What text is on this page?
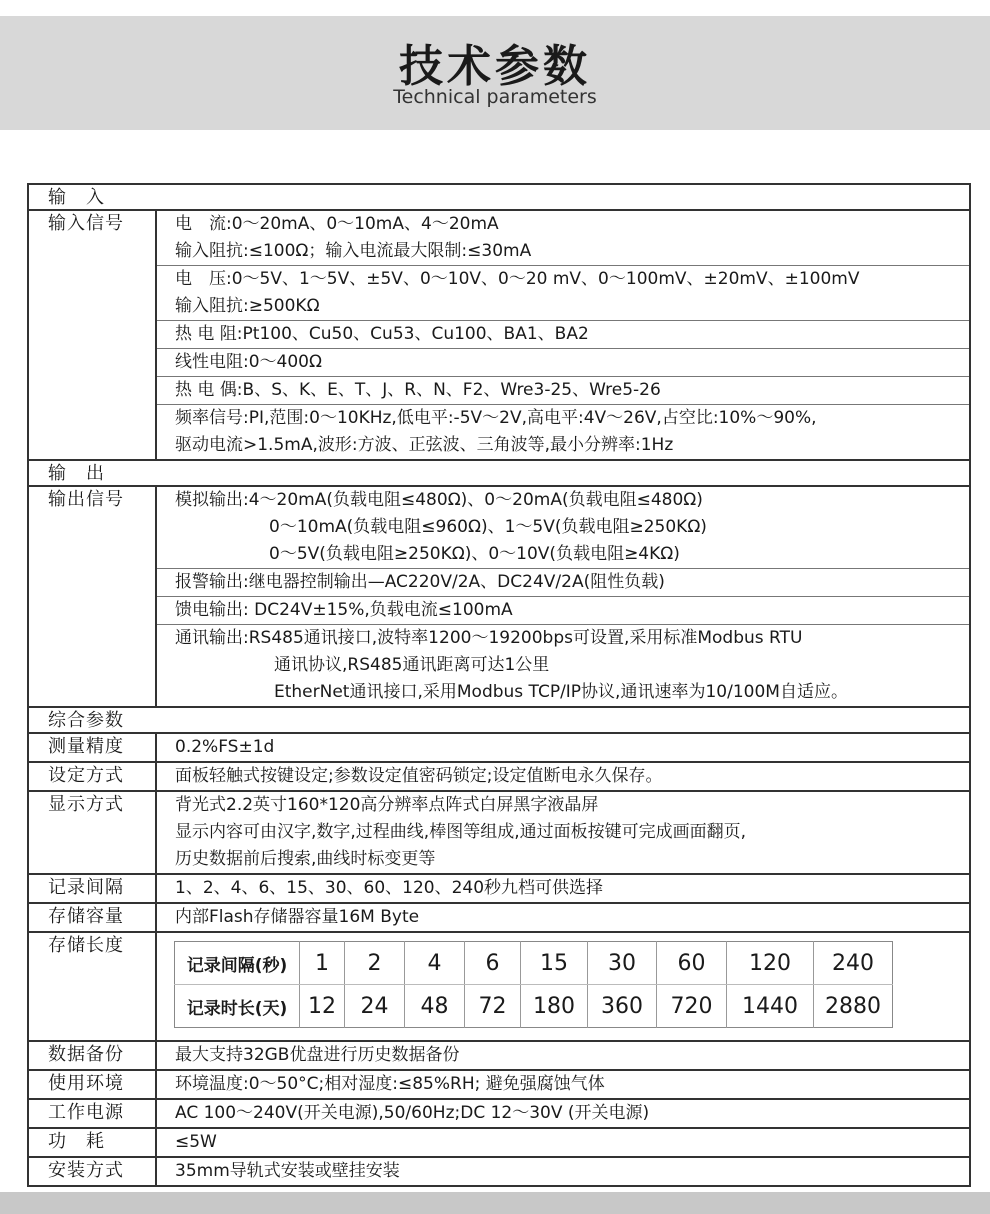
技术参数
Technical parameters
输　入
输入信号	电　流:0～20mA、0～10mA、4～20mA
输入阻抗:≤100Ω；输入电流最大限制:≤30mA
电　压:0～5V、1～5V、±5V、0～10V、0～20 mV、0～100mV、±20mV、±100mV
输入阻抗:≥500KΩ
热 电 阻:Pt100、Cu50、Cu53、Cu100、BA1、BA2
线性电阻:0～400Ω
热 电 偶:B、S、K、E、T、J、R、N、F2、Wre3-25、Wre5-26
频率信号:PI,范围:0～10KHz,低电平:-5V～2V,高电平:4V～26V,占空比:10%～90%,
驱动电流>1.5mA,波形:方波、正弦波、三角波等,最小分辨率:1Hz
输　出
输出信号	模拟输出:4～20mA(负载电阻≤480Ω)、0～20mA(负载电阻≤480Ω)
0～10mA(负载电阻≤960Ω)、1～5V(负载电阻≥250KΩ)
0～5V(负载电阻≥250KΩ)、0～10V(负载电阻≥4KΩ)
报警输出:继电器控制输出—AC220V/2A、DC24V/2A(阻性负载)
馈电输出: DC24V±15%,负载电流≤100mA
通讯输出:RS485通讯接口,波特率1200～19200bps可设置,采用标准Modbus RTU
通讯协议,RS485通讯距离可达1公里
EtherNet通讯接口,采用Modbus TCP/IP协议,通讯速率为10/100M自适应。
综合参数
测量精度	0.2%FS±1d
设定方式	面板轻触式按键设定;参数设定值密码锁定;设定值断电永久保存。
显示方式	背光式2.2英寸160*120高分辨率点阵式白屏黑字液晶屏
显示内容可由汉字,数字,过程曲线,棒图等组成,通过面板按键可完成画面翻页,
历史数据前后搜索,曲线时标变更等
记录间隔	1、2、4、6、15、30、60、120、240秒九档可供选择
存储容量	内部Flash存储器容量16M Byte
存储长度
记录间隔(秒)	1	2	4	6	15	30	60	120	240
记录时长(天)	12	24	48	72	180	360	720	1440	2880
数据备份	最大支持32GB优盘进行历史数据备份
使用环境	环境温度:0～50°C;相对湿度:≤85%RH; 避免强腐蚀气体
工作电源	AC 100～240V(开关电源),50/60Hz;DC 12～30V (开关电源)
功　耗	≤5W
安装方式	35mm导轨式安装或壁挂安装
